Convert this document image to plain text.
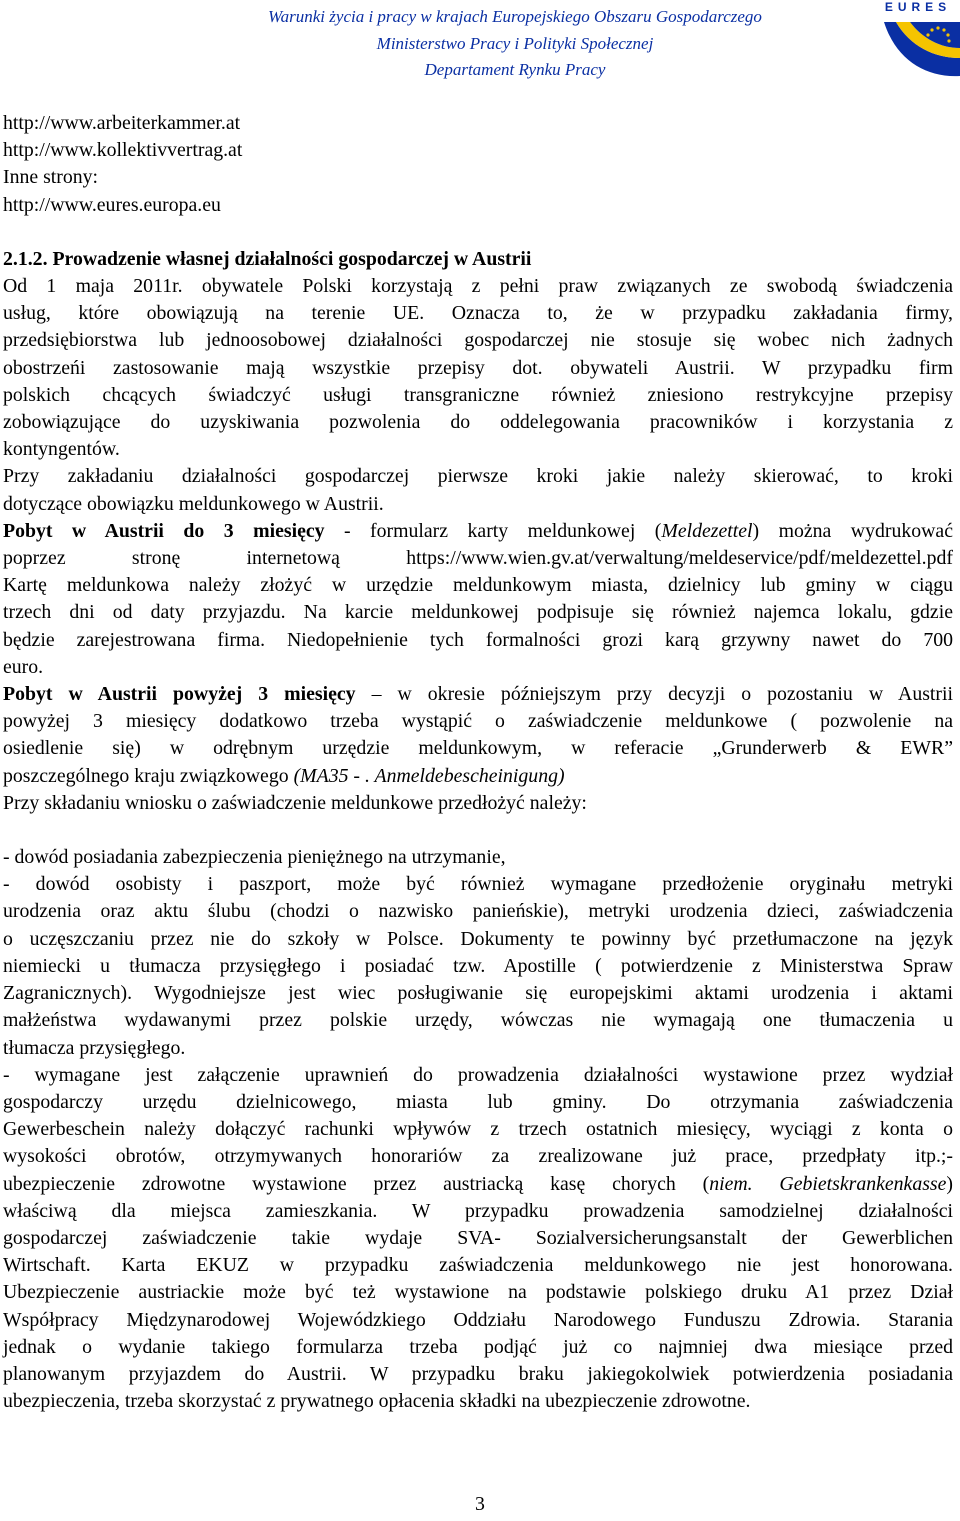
Warunki życia i pracy w krajach Europejskiego Obszaru Gospodarczego
Ministerstwo Pracy i Polityki Społecznej
Departament Rynku Pracy
EURES
http://www.arbeiterkammer.at
http://www.kollektivvertrag.at
Inne strony:
http://www.eures.europa.eu
2.1.2. Prowadzenie własnej działalności gospodarczej w Austrii
Od 1 maja 2011r. obywatele Polski korzystają z pełni praw związanych ze swobodą świadczenia
usług, które obowiązują na terenie UE. Oznacza to, że w przypadku zakładania firmy,
przedsiębiorstwa lub jednoosobowej działalności gospodarczej nie stosuje się wobec nich żadnych
obostrzeńi zastosowanie mają wszystkie przepisy dot. obywateli Austrii. W przypadku firm
polskich chcących świadczyć usługi transgraniczne również zniesiono restrykcyjne przepisy
zobowiązujące do uzyskiwania pozwolenia do oddelegowania pracowników i korzystania z
kontyngentów.
Przy zakładaniu działalności gospodarczej pierwsze kroki jakie należy skierować, to kroki
dotyczące obowiązku meldunkowego w Austrii.
Pobyt w Austrii do 3 miesięcy - formularz karty meldunkowej (Meldezettel) można wydrukować
poprzez stronę internetową https://www.wien.gv.at/verwaltung/meldeservice/pdf/meldezettel.pdf
Kartę meldunkowa należy złożyć w urzędzie meldunkowym miasta, dzielnicy lub gminy w ciągu
trzech dni od daty przyjazdu. Na karcie meldunkowej podpisuje się również najemca lokalu, gdzie
będzie zarejestrowana firma. Niedopełnienie tych formalności grozi karą grzywny nawet do 700
euro.
Pobyt w Austrii powyżej 3 miesięcy – w okresie późniejszym przy decyzji o pozostaniu w Austrii
powyżej 3 miesięcy dodatkowo trzeba wystąpić o zaświadczenie meldunkowe ( pozwolenie na
osiedlenie się) w odrębnym urzędzie meldunkowym, w referacie „Grunderwerb & EWR”
poszczególnego kraju związkowego (MA35 - . Anmeldebescheinigung)
Przy składaniu wniosku o zaświadczenie meldunkowe przedłożyć należy:
- dowód posiadania zabezpieczenia pieniężnego na utrzymanie,
- dowód osobisty i paszport, może być również wymagane przedłożenie oryginału metryki
urodzenia oraz aktu ślubu (chodzi o nazwisko panieńskie), metryki urodzenia dzieci, zaświadczenia
o uczęszczaniu przez nie do szkoły w Polsce. Dokumenty te powinny być przetłumaczone na język
niemiecki u tłumacza przysięgłego i posiadać tzw. Apostille ( potwierdzenie z Ministerstwa Spraw
Zagranicznych). Wygodniejsze jest wiec posługiwanie się europejskimi aktami urodzenia i aktami
małżeństwa wydawanymi przez polskie urzędy, wówczas nie wymagają one tłumaczenia u
tłumacza przysięgłego.
- wymagane jest załączenie uprawnień do prowadzenia działalności wystawione przez wydział
gospodarczy urzędu dzielnicowego, miasta lub gminy. Do otrzymania zaświadczenia
Gewerbeschein należy dołączyć rachunki wpływów z trzech ostatnich miesięcy, wyciągi z konta o
wysokości obrotów, otrzymywanych honorariów za zrealizowane już prace, przedpłaty itp.;-
ubezpieczenie zdrowotne wystawione przez austriacką kasę chorych (niem. Gebietskrankenkasse)
właściwą dla miejsca zamieszkania. W przypadku prowadzenia samodzielnej działalności
gospodarczej zaświadczenie takie wydaje SVA- Sozialversicherungsanstalt der Gewerblichen
Wirtschaft. Karta EKUZ w przypadku zaświadczenia meldunkowego nie jest honorowana.
Ubezpieczenie austriackie może być też wystawione na podstawie polskiego druku A1 przez Dział
Współpracy Międzynarodowej Wojewódzkiego Oddziału Narodowego Funduszu Zdrowia. Starania
jednak o wydanie takiego formularza trzeba podjąć już co najmniej dwa miesiące przed
planowanym przyjazdem do Austrii. W przypadku braku jakiegokolwiek potwierdzenia posiadania
ubezpieczenia, trzeba skorzystać z prywatnego opłacenia składki na ubezpieczenie zdrowotne.
3
